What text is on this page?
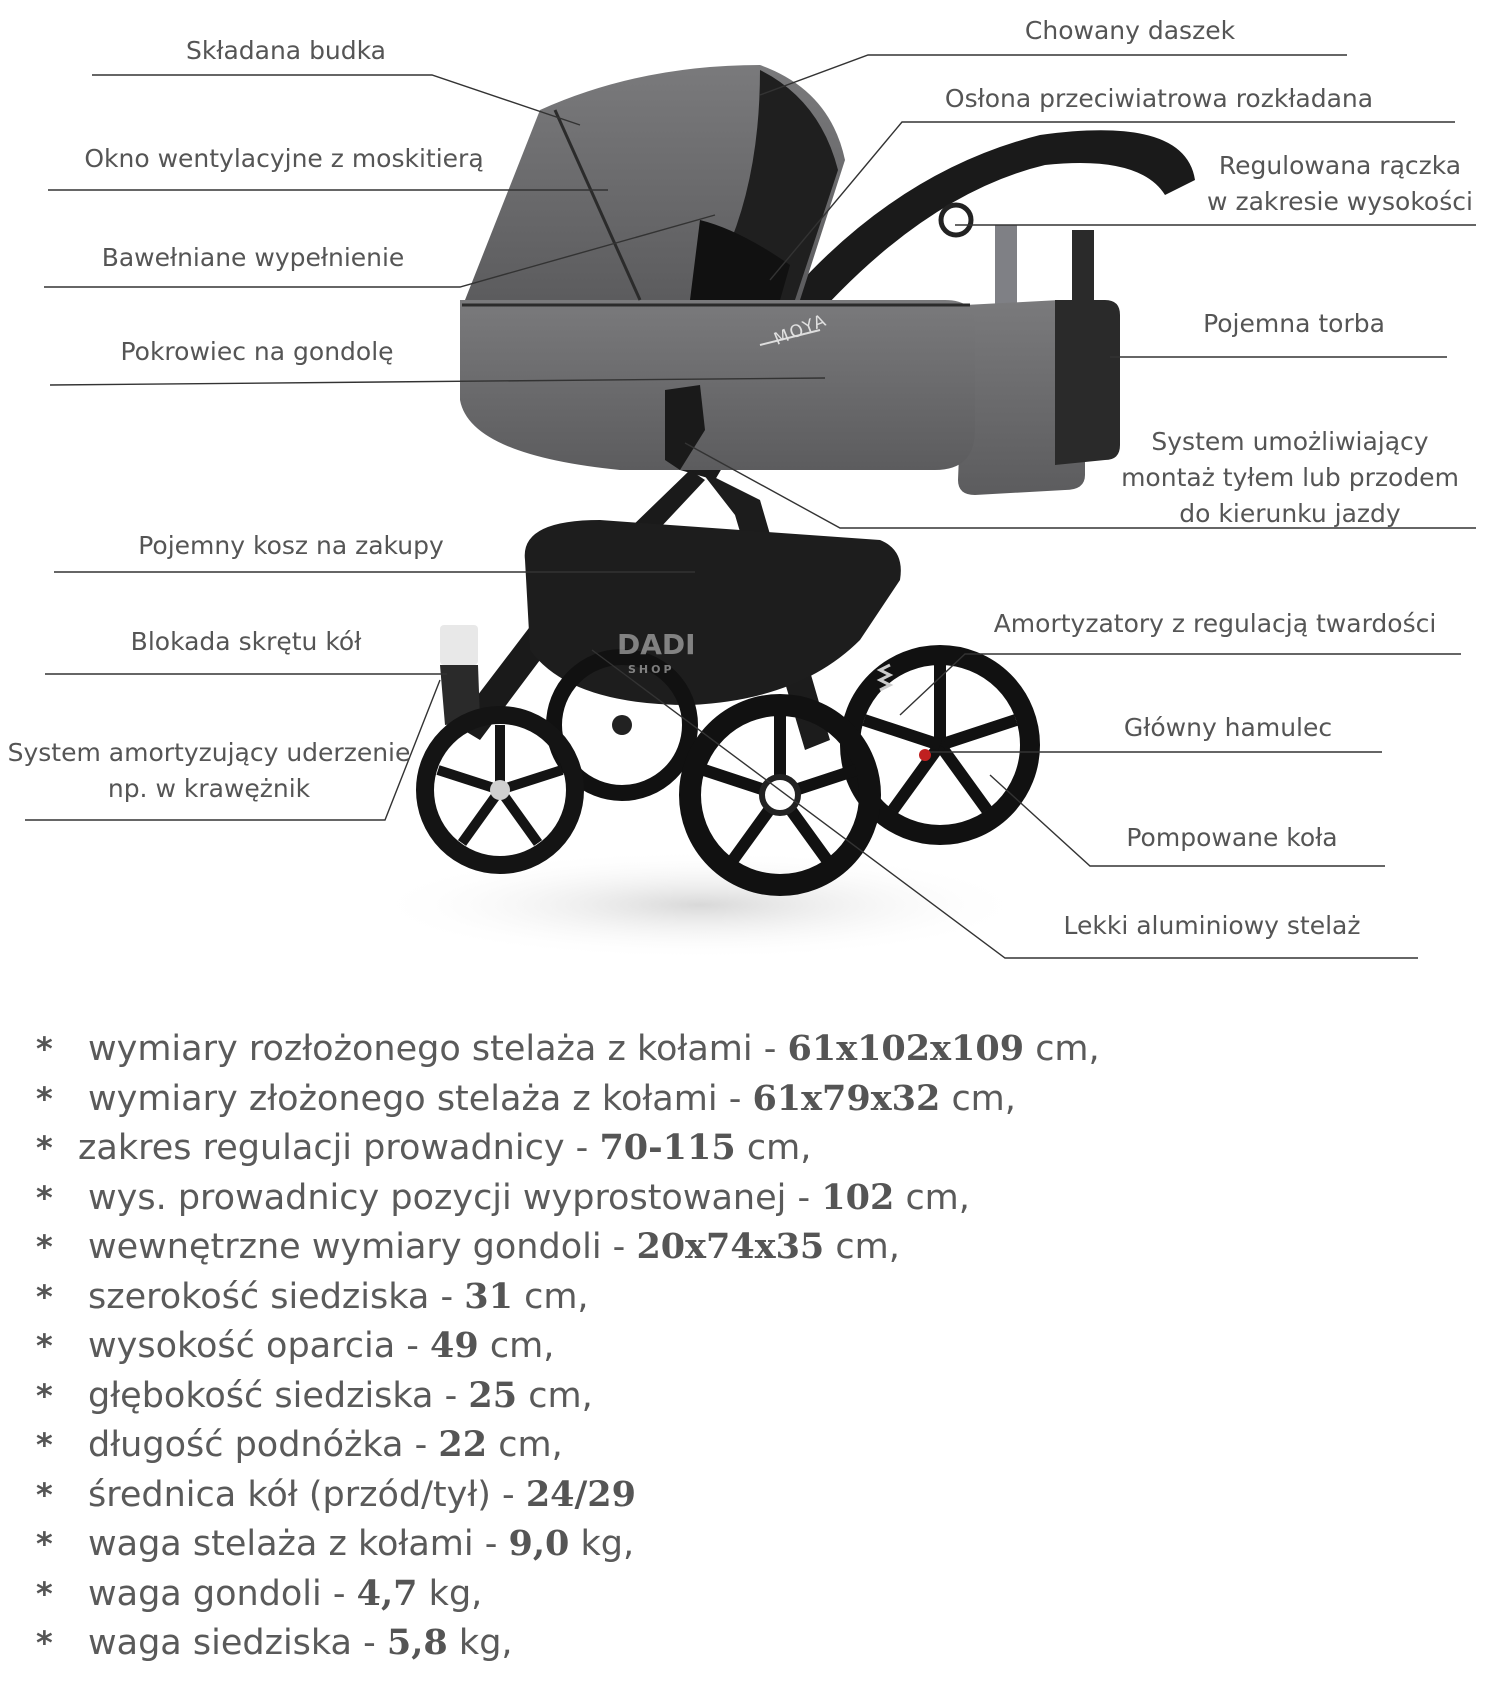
DADI
SHOP
MOYA
Składana budka
Chowany daszek
Osłona przeciwiatrowa rozkładana
Okno wentylacyjne z moskitierą	Regulowana rączka
w zakresie wysokości
Bawełniane wypełnienie
Pojemna torba
Pokrowiec na gondolę
System umożliwiający
montaż tyłem lub przodem
do kierunku jazdy
Pojemny kosz na zakupy
Amortyzatory z regulacją twardości
Blokada skrętu kół
Główny hamulec
System amortyzujący uderzenie
np. w krawężnik
Pompowane koła
Lekki aluminiowy stelaż
* wymiary rozłożonego stelaża z kołami - 61x102x109 cm,
* wymiary złożonego stelaża z kołami - 61x79x32 cm,
* zakres regulacji prowadnicy - 70-115 cm,
* wys. prowadnicy pozycji wyprostowanej - 102 cm,
* wewnętrzne wymiary gondoli - 20x74x35 cm,
* szerokość siedziska - 31 cm,
* wysokość oparcia - 49 cm,
* głębokość siedziska - 25 cm,
* długość podnóżka - 22 cm,
* średnica kół (przód/tył) - 24/29
* waga stelaża z kołami - 9,0 kg,
* waga gondoli - 4,7 kg,
* waga siedziska - 5,8 kg,
